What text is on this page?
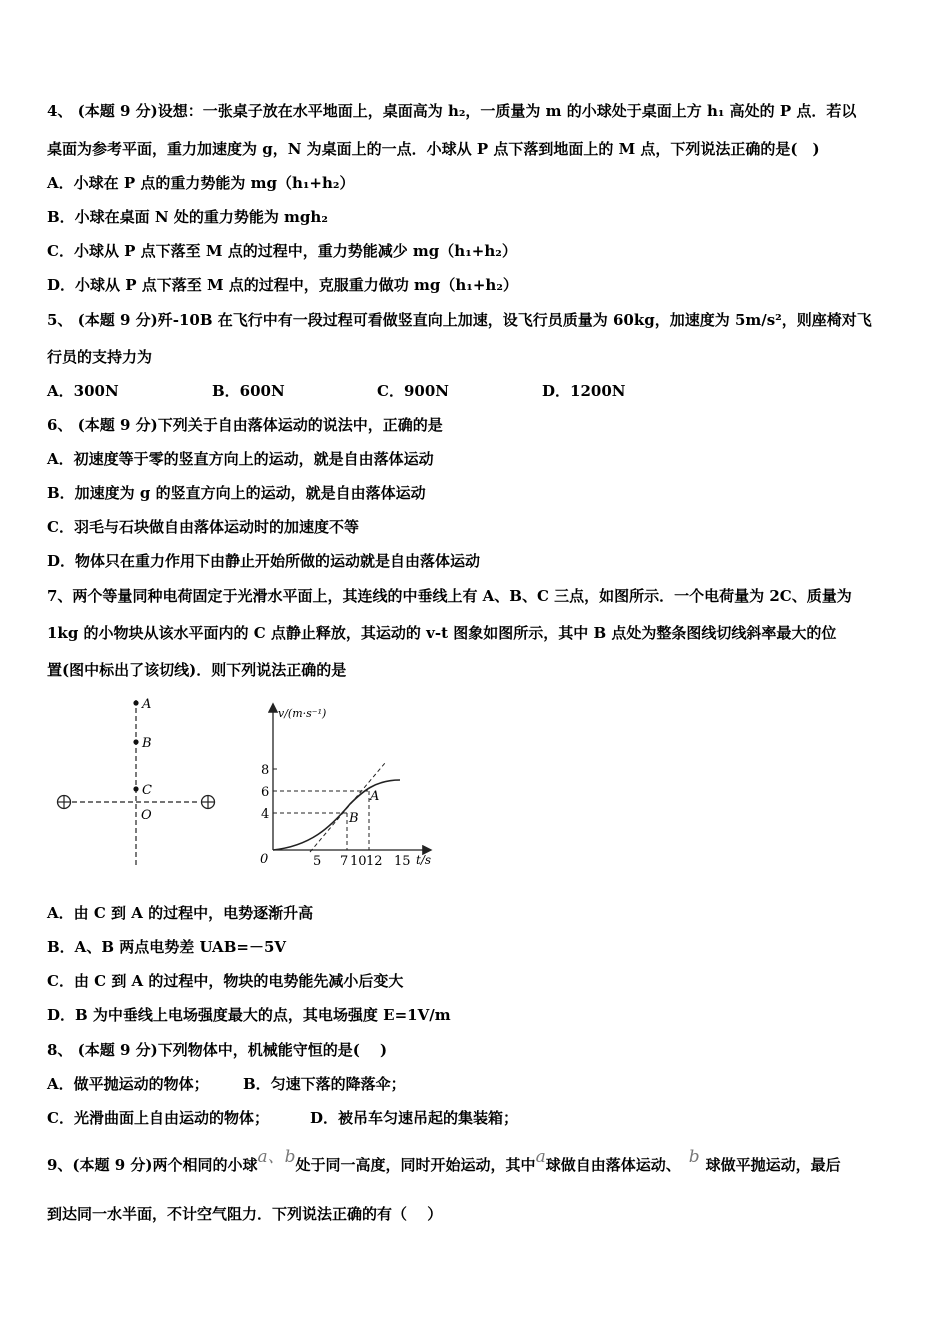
4、 (本题 9 分)设想：一张桌子放在水平地面上，桌面高为 h₂，一质量为 m 的小球处于桌面上方 h₁ 高处的 P 点．若以
桌面为参考平面，重力加速度为 g，N 为桌面上的一点．小球从 P 点下落到地面上的 M 点，下列说法正确的是(　)
A．小球在 P 点的重力势能为 mg（h₁+h₂）
B．小球在桌面 N 处的重力势能为 mgh₂
C．小球从 P 点下落至 M 点的过程中，重力势能减少 mg（h₁+h₂）
D．小球从 P 点下落至 M 点的过程中，克服重力做功 mg（h₁+h₂）
5、 (本题 9 分)歼-10B 在飞行中有一段过程可看做竖直向上加速，设飞行员质量为 60kg，加速度为 5m/s²，则座椅对飞
行员的支持力为
A．300N	B．600N	C．900N	D．1200N
6、 (本题 9 分)下列关于自由落体运动的说法中，正确的是
A．初速度等于零的竖直方向上的运动，就是自由落体运动
B．加速度为 g 的竖直方向上的运动，就是自由落体运动
C．羽毛与石块做自由落体运动时的加速度不等
D．物体只在重力作用下由静止开始所做的运动就是自由落体运动
7、两个等量同种电荷固定于光滑水平面上，其连线的中垂线上有 A、B、C 三点，如图所示．一个电荷量为 2C、质量为
1kg 的小物块从该水平面内的 C 点静止释放，其运动的 v-t 图象如图所示，其中 B 点处为整条图线切线斜率最大的位
置(图中标出了该切线)．则下列说法正确的是
A
B
C
O
v/(m·s⁻¹)
t/s
0
8
6
4
5 7 10 12 15
A
B
A．由 C 到 A 的过程中，电势逐渐升高
B．A、B 两点电势差 UAB=－5V
C．由 C 到 A 的过程中，物块的电势能先减小后变大
D．B 为中垂线上电场强度最大的点，其电场强度 E=1V/m
8、 (本题 9 分)下列物体中，机械能守恒的是(　 )
A．做平抛运动的物体； B．匀速下落的降落伞；
C．光滑曲面上自由运动的物体；	D．被吊车匀速吊起的集装箱；
9、(本题 9 分)两个相同的小球a、b处于同一高度，同时开始运动，其中a球做自由落体运动、 b 球做平抛运动，最后
到达同一水半面，不计空气阻力．下列说法正确的有（　 ）
